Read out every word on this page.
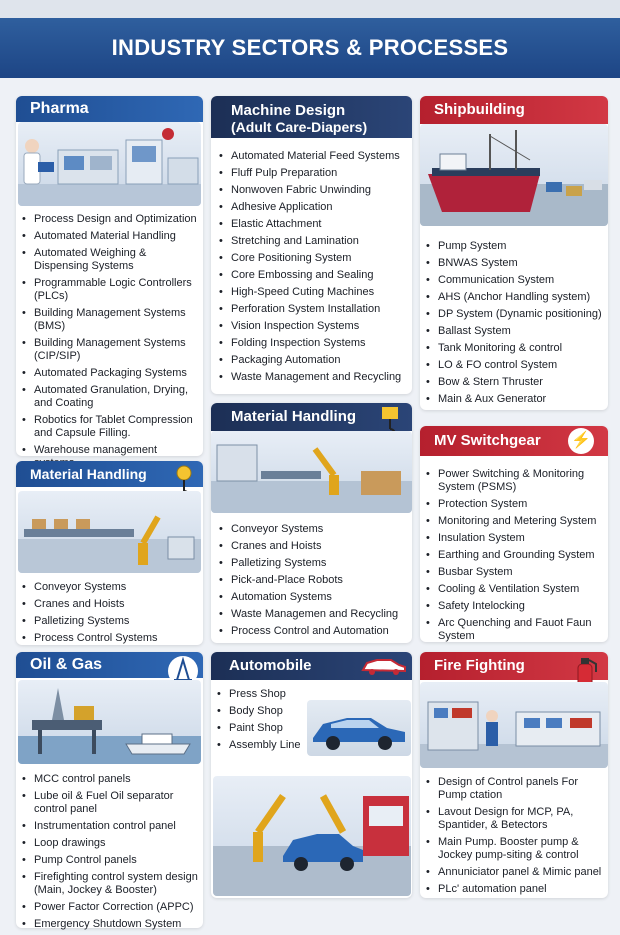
INDUSTRY SECTORS & PROCESSES
Pharma
• Process Design and Optimization
• Automated Material Handling
• Automated Weighing & Dispensing Systems
• Programmable Logic Controllers (PLCs)
• Building Management Systems (BMS)
• Building Management Systems (CIP/SIP)
• Automated Packaging Systems
• Automated Granulation, Drying, and Coating
• Robotics for Tablet Compression and Capsule Filling.
• Warehouse management
Machine Design
(Adult Care-Diapers)
• Automated Material Feed Systems
• Fluff Pulp Preparation
• Nonwoven Fabric Unwinding
• Adhesive Application
• Elastic Attachment
• Stretching and Lamination
• Core Positioning System
• Core Embossing and Sealing
• High-Speed Cuting Machines
• Perforation System Installation
• Vision Inspection Systems
• Folding Inspection Systems
• Packaging Automation
• Waste Management and Recycling
Shipbuilding
• Pump System
• BNWAS System
• Communication System
• AHS (Anchor Handling system)
• DP System (Dynamic positioning)
• Ballast System
• Tank Monitoring & control
• LO & FO control System
• Bow & Stern Thruster
• Main & Aux Generator
Material Handling
• Conveyor Systems
• Cranes and Hoists
• Palletizing Systems
• Process Control Systems
Material Handling
• Conveyor Systems
• Cranes and Hoists
• Palletizing Systems
• Pick-and-Place Robots
• Automation Systems
• Waste Managemen and Recycling
• Process Control and Automation
MV Switchgear	⚡
• Power Switching & Monitoring System (PSMS)
• Protection System
• Monitoring and Metering System
• Insulation System
• Earthing and Grounding System
• Busbar System
• Cooling & Ventilation System
• Safety Intelocking
• Arc Quenching and Fauot Faun System
Oil & Gas
• MCC control panels
• Lube oil & Fuel Oil separator control panel
• Instrumentation control panel
• Loop drawings
• Pump Control panels
• Firefighting control system design (Main, Jockey & Booster)
• Power Factor Correction (APPC)
• Emergency Shutdown System
Automobile
• Press Shop
• Body Shop
• Paint Shop
• Assembly Line
Fire Fighting
• Design of Control panels For Pump ctation
• Lavout Design for MCP, PA, Spantider, & Betectors
• Main Pump. Booster pump & Jockey pump-siting & control
• Annuniciator panel & Mimic panel
• PLc' automation panel
